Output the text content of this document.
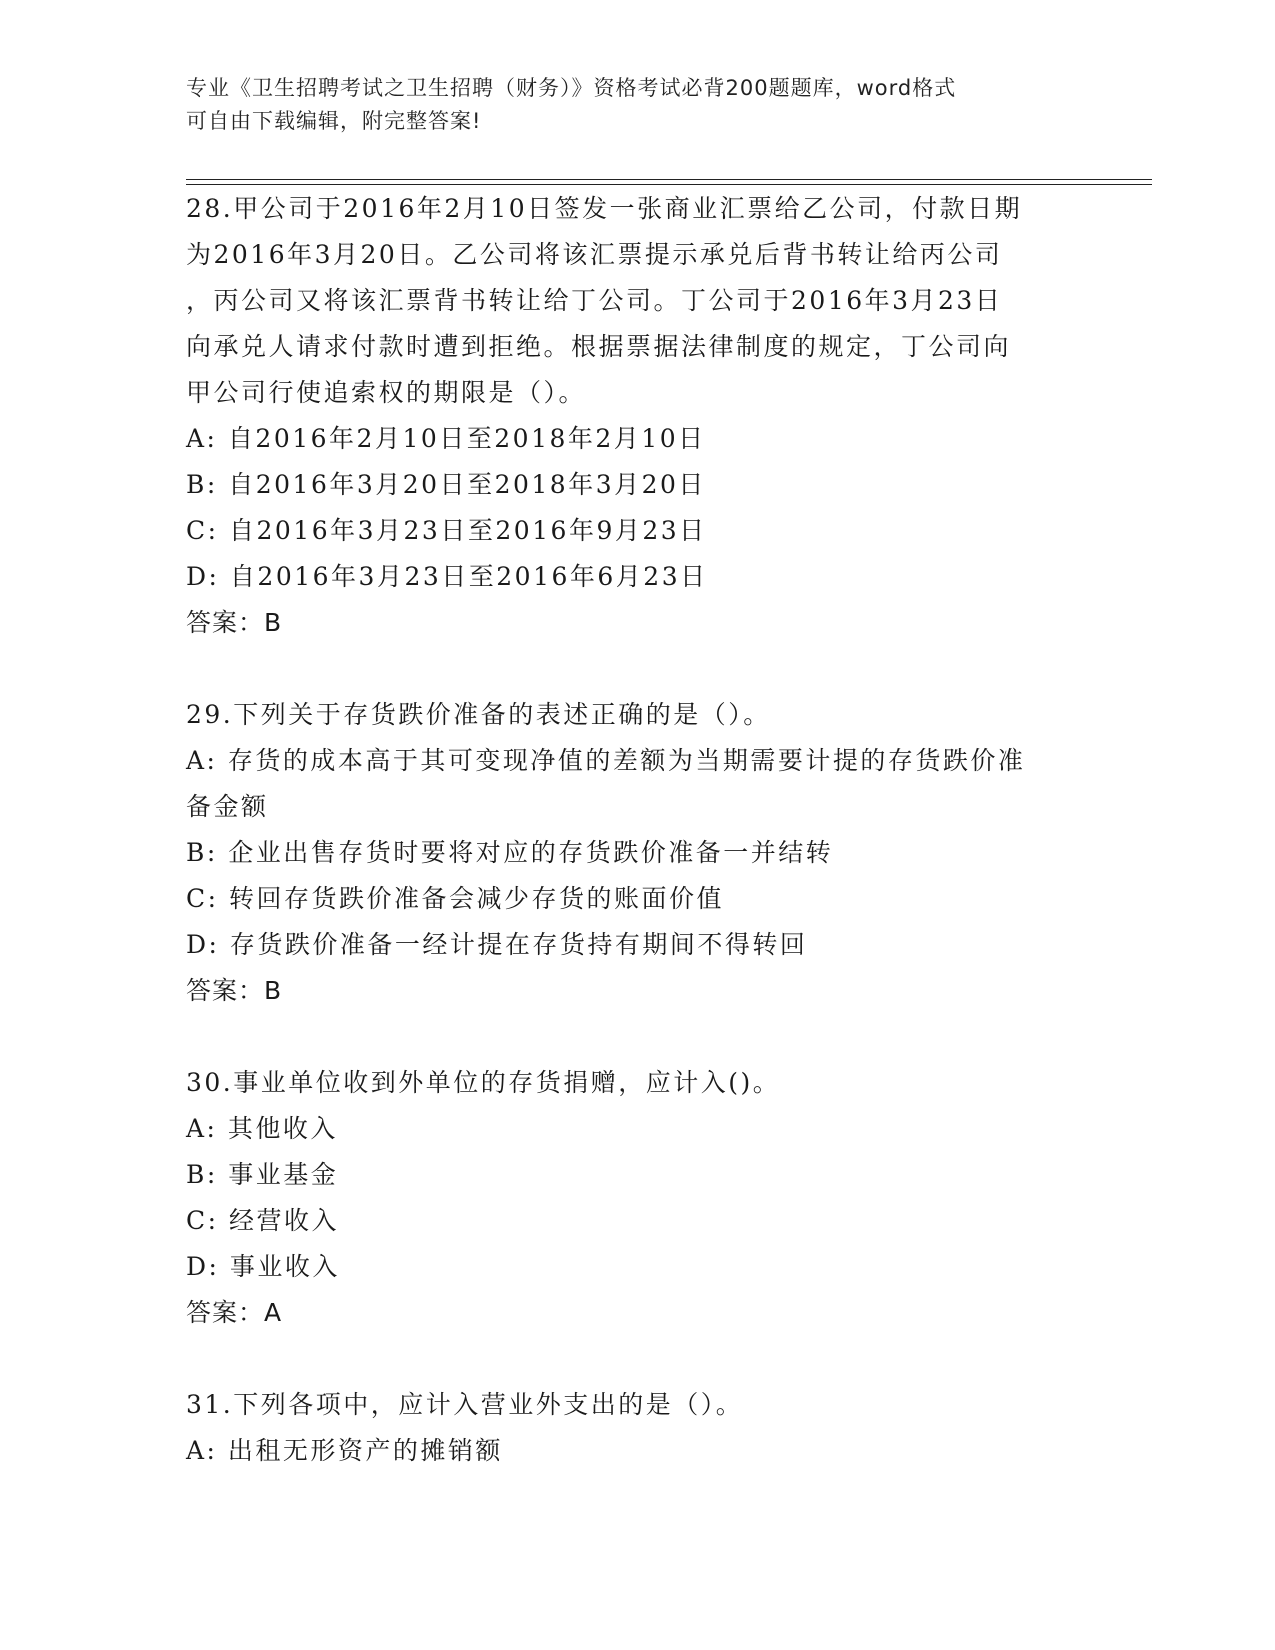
专业《卫生招聘考试之卫生招聘（财务）》资格考试必背200题题库，word格式
可自由下载编辑，附完整答案!
28.甲公司于2016年2月10日签发一张商业汇票给乙公司，付款日期
为2016年3月20日。乙公司将该汇票提示承兑后背书转让给丙公司
，丙公司又将该汇票背书转让给丁公司。丁公司于2016年3月23日
向承兑人请求付款时遭到拒绝。根据票据法律制度的规定，丁公司向
甲公司行使追索权的期限是（）。
A: 自2016年2月10日至2018年2月10日
B: 自2016年3月20日至2018年3月20日
C: 自2016年3月23日至2016年9月23日
D: 自2016年3月23日至2016年6月23日
答案：B
29.下列关于存货跌价准备的表述正确的是（）。
A: 存货的成本高于其可变现净值的差额为当期需要计提的存货跌价准
备金额
B: 企业出售存货时要将对应的存货跌价准备一并结转
C: 转回存货跌价准备会减少存货的账面价值
D: 存货跌价准备一经计提在存货持有期间不得转回
答案：B
30.事业单位收到外单位的存货捐赠，应计入()。
A: 其他收入
B: 事业基金
C: 经营收入
D: 事业收入
答案：A
31.下列各项中，应计入营业外支出的是（）。
A: 出租无形资产的摊销额
